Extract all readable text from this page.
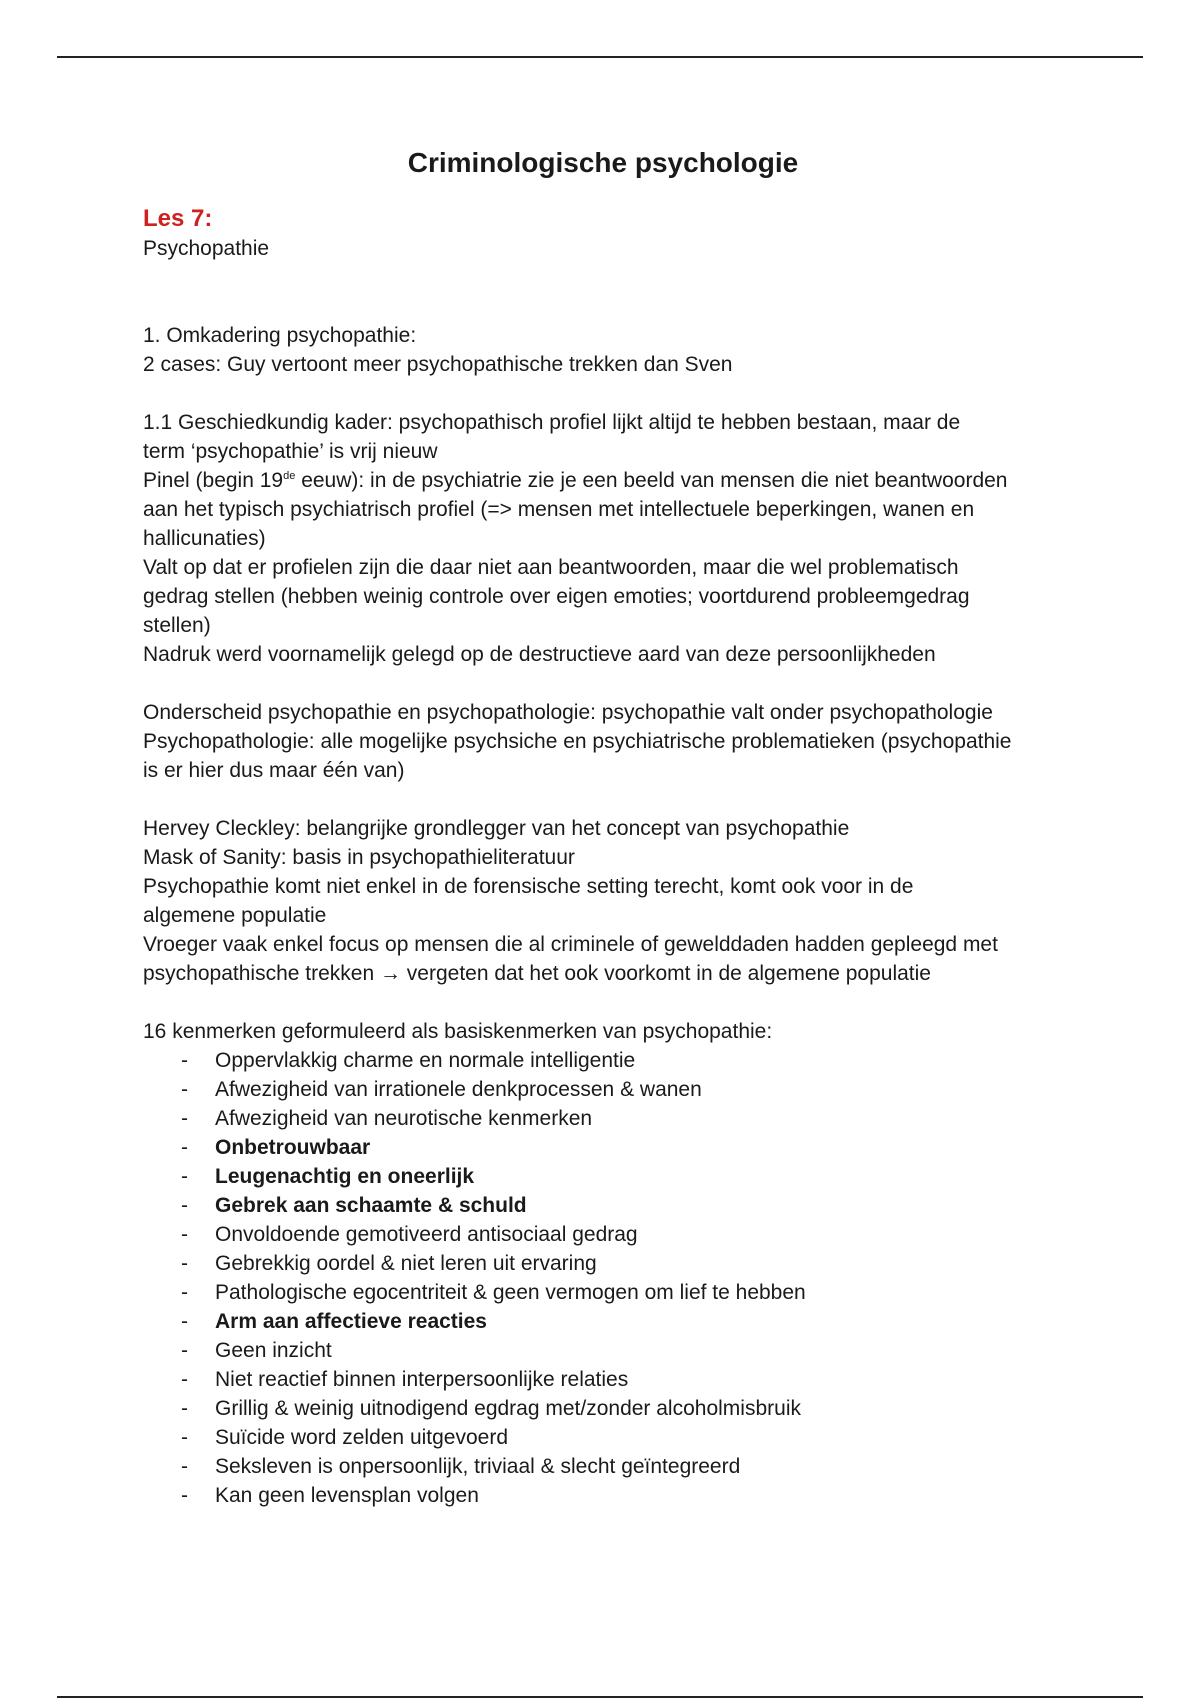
Criminologische psychologie
Les 7:
Psychopathie
1. Omkadering psychopathie:
2 cases: Guy vertoont meer psychopathische trekken dan Sven
1.1 Geschiedkundig kader: psychopathisch profiel lijkt altijd te hebben bestaan, maar de
term ‘psychopathie’ is vrij nieuw
Pinel (begin 19de eeuw): in de psychiatrie zie je een beeld van mensen die niet beantwoorden
aan het typisch psychiatrisch profiel (=> mensen met intellectuele beperkingen, wanen en
hallicunaties)
Valt op dat er profielen zijn die daar niet aan beantwoorden, maar die wel problematisch
gedrag stellen (hebben weinig controle over eigen emoties; voortdurend probleemgedrag
stellen)
Nadruk werd voornamelijk gelegd op de destructieve aard van deze persoonlijkheden
Onderscheid psychopathie en psychopathologie: psychopathie valt onder psychopathologie
Psychopathologie: alle mogelijke psychsiche en psychiatrische problematieken (psychopathie
is er hier dus maar één van)
Hervey Cleckley: belangrijke grondlegger van het concept van psychopathie
Mask of Sanity: basis in psychopathieliteratuur
Psychopathie komt niet enkel in de forensische setting terecht, komt ook voor in de
algemene populatie
Vroeger vaak enkel focus op mensen die al criminele of gewelddaden hadden gepleegd met
psychopathische trekken → vergeten dat het ook voorkomt in de algemene populatie
16 kenmerken geformuleerd als basiskenmerken van psychopathie:
- Oppervlakkig charme en normale intelligentie
- Afwezigheid van irrationele denkprocessen & wanen
- Afwezigheid van neurotische kenmerken
- Onbetrouwbaar
- Leugenachtig en oneerlijk
- Gebrek aan schaamte & schuld
- Onvoldoende gemotiveerd antisociaal gedrag
- Gebrekkig oordel & niet leren uit ervaring
- Pathologische egocentriteit & geen vermogen om lief te hebben
- Arm aan affectieve reacties
- Geen inzicht
- Niet reactief binnen interpersoonlijke relaties
- Grillig & weinig uitnodigend egdrag met/zonder alcoholmisbruik
- Suïcide word zelden uitgevoerd
- Seksleven is onpersoonlijk, triviaal & slecht geïntegreerd
- Kan geen levensplan volgen
